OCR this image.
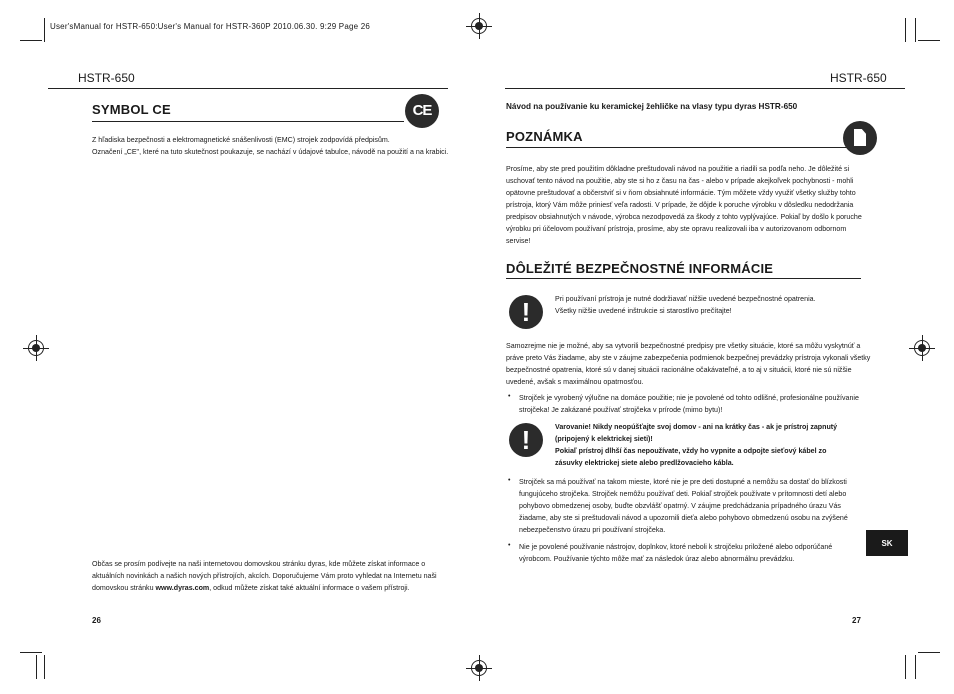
User'sManual for HSTR-650:User's Manual for HSTR-360P 2010.06.30. 9:29 Page 26
HSTR-650
SYMBOL CE	CE

Z hľadiska bezpečnosti a elektromagnetické snášenlivosti (EMC) strojek zodpovídá předpisům.

Označení „CE", které na tuto skutečnost poukazuje, se nachází v údajové tabulce, návodě na použití a na krabici.

Občas se prosím podívejte na naši internetovou domovskou stránku dyras, kde můžete získat informace o

aktuálních novinkách a našich nových přístrojích, akcích. Doporučujeme Vám proto vyhledat na Internetu naši

domovskou stránku www.dyras.com, odkud můžete získat také aktuální informace o vašem přístroji.

26
HSTR-650
Návod na používanie ku keramickej žehličke na vlasy typu dyras HSTR-650
POZNÁMKA

Prosíme, aby ste pred použitím dôkladne preštudovali návod na použitie a riadili sa podľa neho. Je dôležité si

uschovať tento návod na použitie, aby ste si ho z času na čas - alebo v prípade akejkoľvek pochybnosti - mohli

opätovne preštudovať a občerstviť si v ňom obsiahnuté informácie. Tým môžete vždy využiť všetky služby tohto

prístroja, ktorý Vám môže priniesť veľa radosti. V prípade, že dôjde k poruche výrobku v dôsledku nedodržania

predpisov obsiahnutých v návode, výrobca nezodpovedá za škody z tohto vyplývajúce. Pokiaľ by došlo k poruche

výrobku pri účelovom používaní prístroja, prosíme, aby ste opravu realizovali iba v autorizovanom odbornom

servise!

DÔLEŽITÉ BEZPEČNOSTNÉ INFORMÁCIE
!	Pri používaní prístroja je nutné dodržiavať nižšie uvedené bezpečnostné opatrenia.

Všetky nižšie uvedené inštrukcie si starostlivo prečítajte!

Samozrejme nie je možné, aby sa vytvorili bezpečnostné predpisy pre všetky situácie, ktoré sa môžu vyskytnúť a

práve preto Vás žiadame, aby ste v záujme zabezpečenia podmienok bezpečnej prevádzky prístroja vykonali všetky

bezpečnostné opatrenia, ktoré sú v danej situácii racionálne očakávateľné, a to aj v situácii, ktoré nie sú nižšie

uvedené, avšak s maximálnou opatrnosťou.

• Strojček je vyrobený výlučne na domáce použitie; nie je povolené od tohto odlišné, profesionálne používanie

strojčeka! Je zakázané používať strojčeka v prírode (mimo bytu)!

!	Varovanie! Nikdy neopúšťajte svoj domov - ani na krátky čas - ak je prístroj zapnutý

(pripojený k elektrickej sieti)!

Pokiaľ prístroj dlhší čas nepoužívate, vždy ho vypnite a odpojte sieťový kábel zo

zásuvky elektrickej siete alebo predlžovacieho kábla.

• Strojček sa má používať na takom mieste, ktoré nie je pre deti dostupné a nemôžu sa dostať do blízkosti

fungujúceho strojčeka. Strojček nemôžu používať deti. Pokiaľ strojček používate v prítomnosti detí alebo

pohybovo obmedzenej osoby, buďte obzvlášť opatrný. V záujme predchádzania prípadného úrazu Vás

žiadame, aby ste si preštudovali návod a upozornili dieťa alebo pohybovo obmedzenú osobu na zvýšené

nebezpečenstvo úrazu pri používaní strojčeka.

• Nie je povolené používanie nástrojov, doplnkov, ktoré neboli k strojčeku priložené alebo odporúčané

výrobcom. Používanie týchto môže mať za následok úraz alebo abnormálnu prevádzku.

SK
27
